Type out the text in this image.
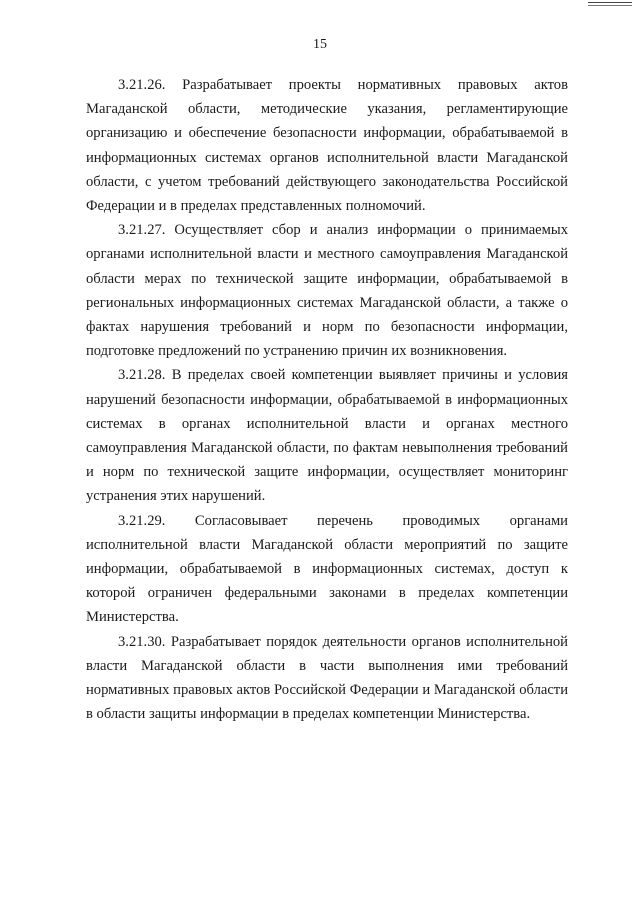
15

3.21.26. Разрабатывает проекты нормативных правовых актов Магаданской области, методические указания, регламентирующие организацию и обеспечение безопасности информации, обрабатываемой в информационных системах органов исполнительной власти Магаданской области, с учетом требований действующего законодательства Российской Федерации и в пределах представленных полномочий.

3.21.27. Осуществляет сбор и анализ информации о принимаемых органами исполнительной власти и местного самоуправления Магаданской области мерах по технической защите информации, обрабатываемой в региональных информационных системах Магаданской области, а также о фактах нарушения требований и норм по безопасности информации, подготовке предложений по устранению причин их возникновения.

3.21.28. В пределах своей компетенции выявляет причины и условия нарушений безопасности информации, обрабатываемой в информационных системах в органах исполнительной власти и органах местного самоуправления Магаданской области, по фактам невыполнения требований и норм по технической защите информации, осуществляет мониторинг устранения этих нарушений.

3.21.29. Согласовывает перечень проводимых органами исполнительной власти Магаданской области мероприятий по защите информации, обрабатываемой в информационных системах, доступ к которой ограничен федеральными законами в пределах компетенции Министерства.

3.21.30. Разрабатывает порядок деятельности органов исполнительной власти Магаданской области в части выполнения ими требований нормативных правовых актов Российской Федерации и Магаданской области в области защиты информации в пределах компетенции Министерства.
